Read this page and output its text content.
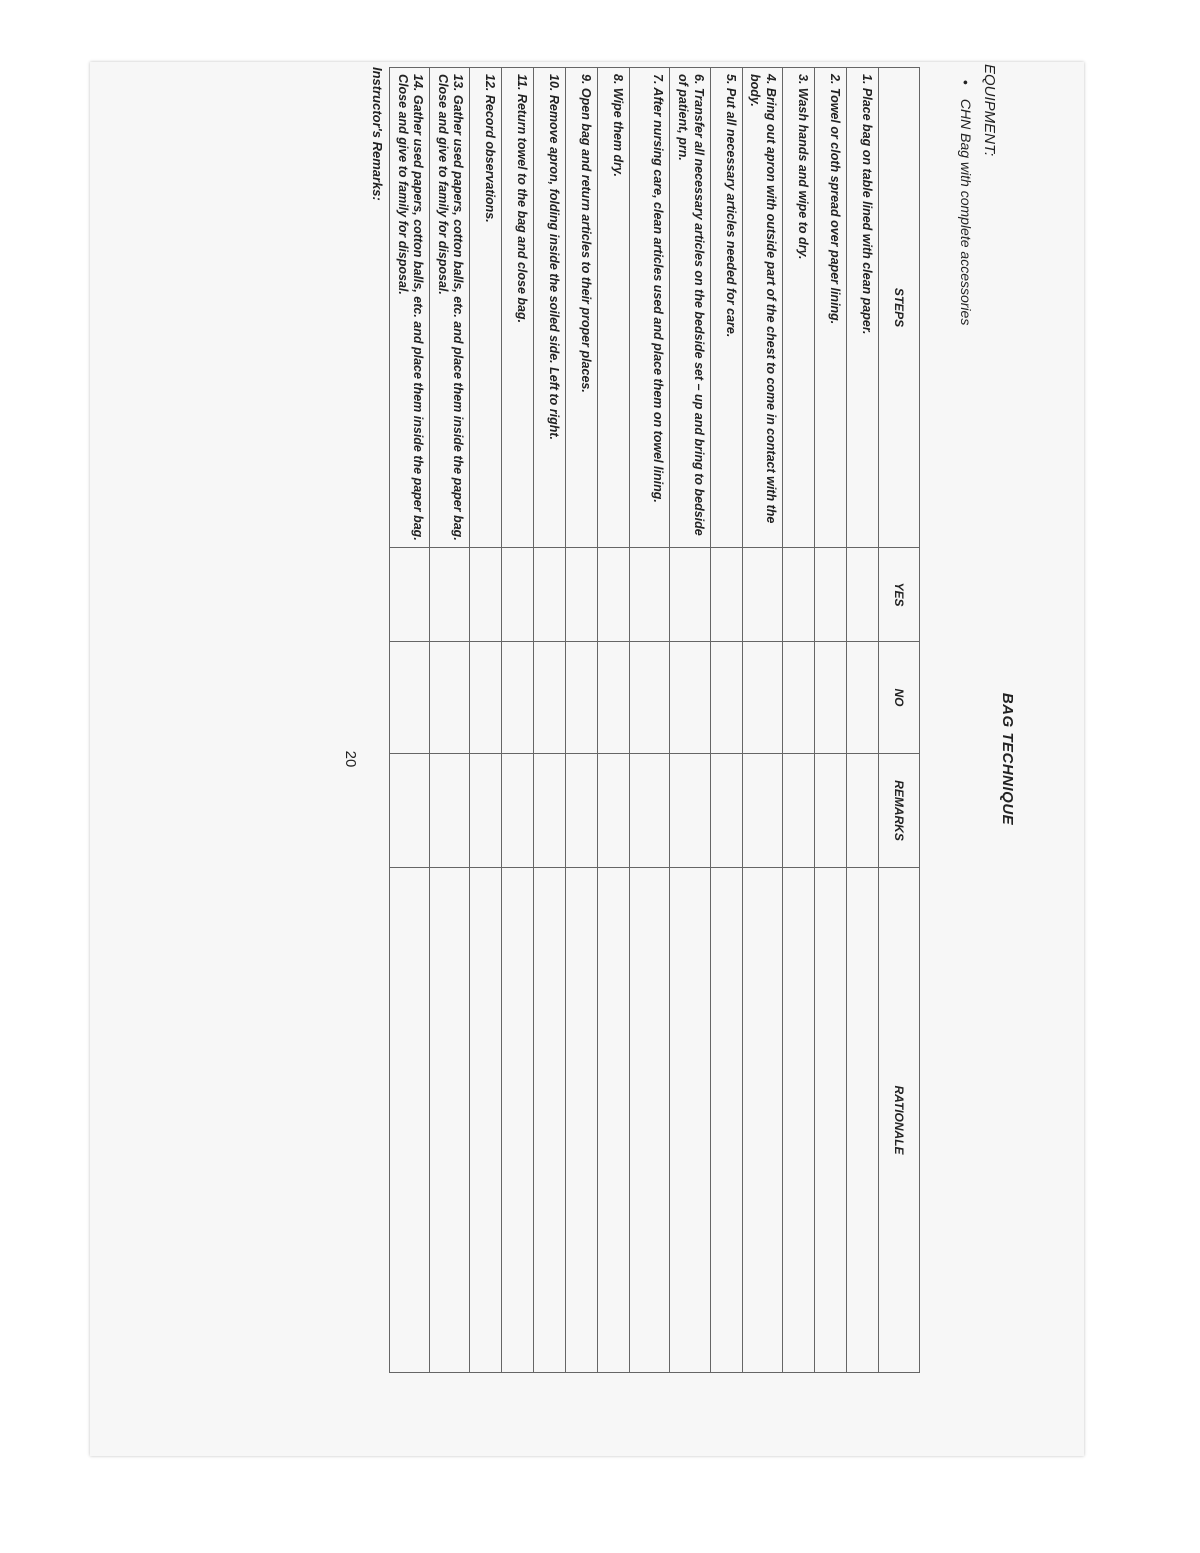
BAG TECHNIQUE
EQUIPMENT:
•CHN Bag with complete accessories
STEPS	YES	NO	REMARKS	RATIONALE
1. Place bag on table lined with clean paper.				
2. Towel or cloth spread over paper lining.				
3. Wash hands and wipe to dry.				
4. Bring out apron with outside part of the chest to come in contact with the body.				
5. Put all necessary articles needed for care.				
6. Transfer all necessary articles on the bedside set – up and bring to bedside of patient, prn.				
7. After nursing care, clean articles used and place them on towel lining.				
8. Wipe them dry.				
9. Open bag and return articles to their proper places.				
10. Remove apron, folding inside the soiled side. Left to right.				
11. Return towel to the bag and close bag.				
12. Record observations.				
13. Gather used papers, cotton balls, etc. and place them inside the paper bag. Close and give to family for disposal.				
14. Gather used papers, cotton balls, etc. and place them inside the paper bag. Close and give to family for disposal.				
Instructor's Remarks:
20
